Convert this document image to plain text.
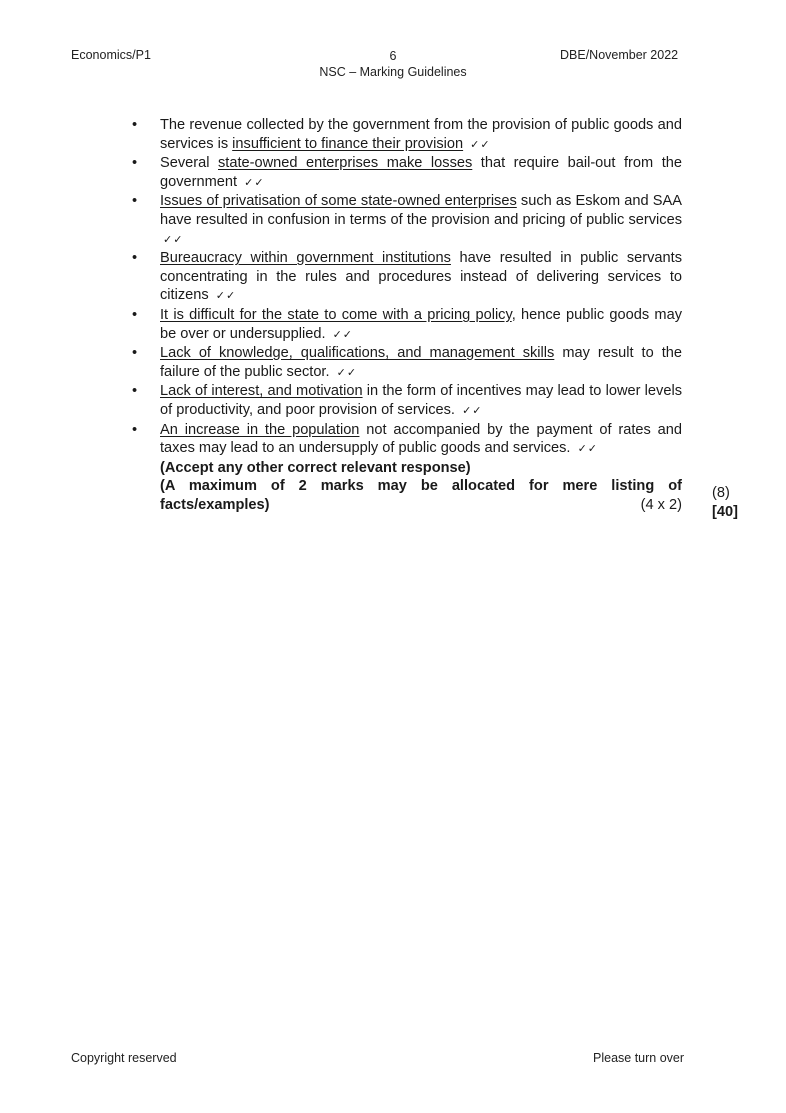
Economics/P1	6
NSC – Marking Guidelines
DBE/November 2022
•	The revenue collected by the government from the provision of public goods and services is insufficient to finance their provision ✓✓
•	Several state-owned enterprises make losses that require bail-out from the government ✓✓
•	Issues of privatisation of some state-owned enterprises such as Eskom and SAA have resulted in confusion in terms of the provision and pricing of public services ✓✓
•	Bureaucracy within government institutions have resulted in public servants concentrating in the rules and procedures instead of delivering services to citizens ✓✓
•	It is difficult for the state to come with a pricing policy, hence public goods may be over or undersupplied. ✓✓
•	Lack of knowledge, qualifications, and management skills may result to the failure of the public sector. ✓✓
•	Lack of interest, and motivation in the form of incentives may lead to lower levels of productivity, and poor provision of services. ✓✓
•	An increase in the population not accompanied by the payment of rates and taxes may lead to an undersupply of public goods and services. ✓✓
(Accept any other correct relevant response)
(A maximum of 2 marks may be allocated for mere listing of
facts/examples)	(4 x 2)
(8)
[40]
Copyright reserved	Please turn over
